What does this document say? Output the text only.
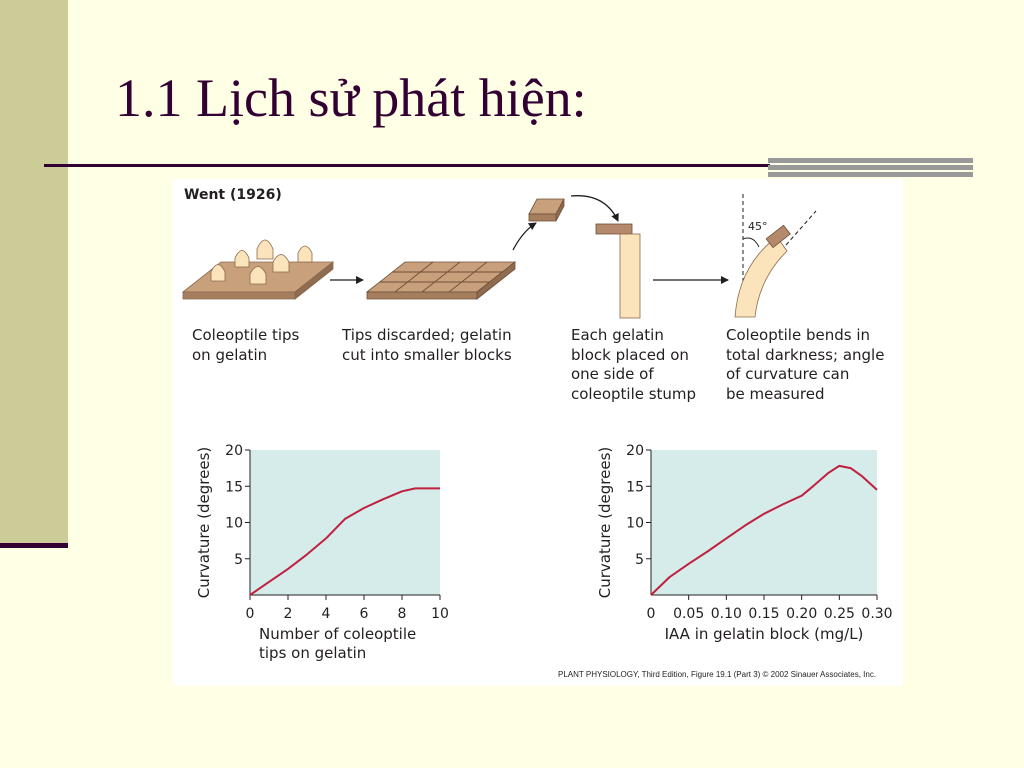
1.1 Lịch sử phát hiện:
45°
5
10
15
20
0 2 4 6 8 10
Curvature (degrees)
Number of coleoptile
tips on gelatin
5
10
15
20
0.05 0.10 0.15 0.20 0.25 0.30
0
Curvature (degrees)
IAA in gelatin block (mg/L)
Went (1926)
Coleoptile tips
on gelatin
Tips discarded; gelatin
cut into smaller blocks
Each gelatin
block placed on
one side of
coleoptile stump
Coleoptile bends in
total darkness; angle
of curvature can
be measured
PLANT PHYSIOLOGY, Third Edition, Figure 19.1 (Part 3) © 2002 Sinauer Associates, Inc.
